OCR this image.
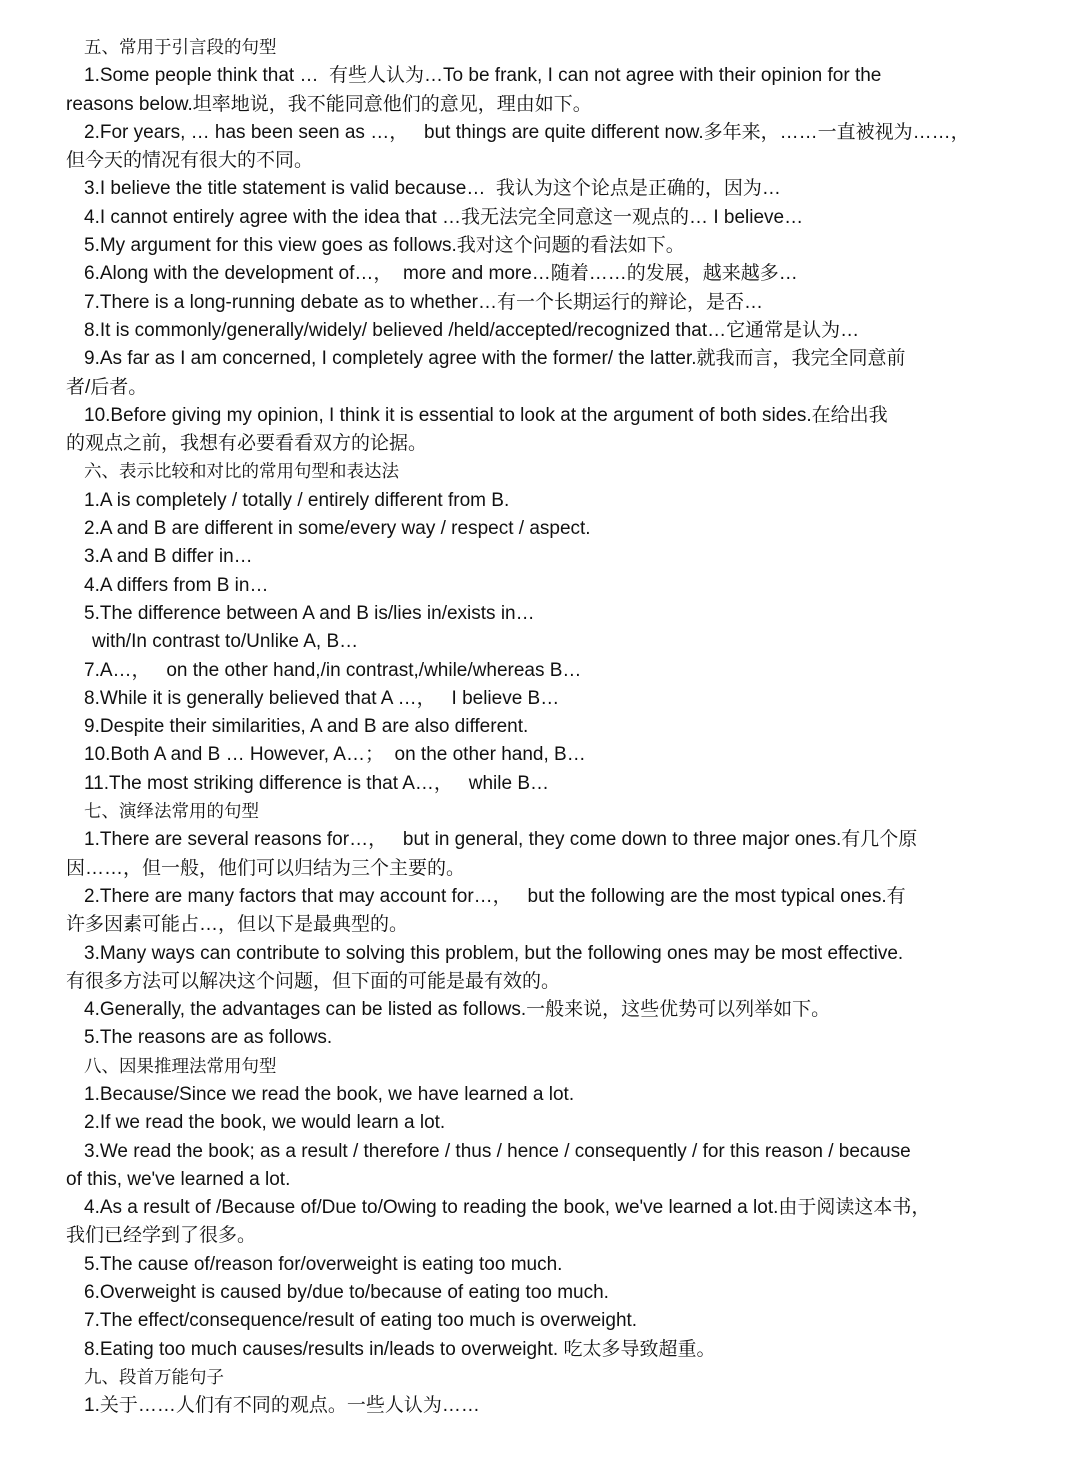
五、常用于引言段的句型
1.Some people think that …  有些人认为…To be frank, I can not agree with their opinion for the
reasons below.坦率地说，我不能同意他们的意见，理由如下。
2.For years, … has been seen as …，   but things are quite different now.多年来，……一直被视为……，
但今天的情况有很大的不同。
3.I believe the title statement is valid because…  我认为这个论点是正确的，因为…
4.I cannot entirely agree with the idea that …我无法完全同意这一观点的… I believe…
5.My argument for this view goes as follows.我对这个问题的看法如下。
6.Along with the development of…，  more and more…随着……的发展，越来越多…
7.There is a long-running debate as to whether…有一个长期运行的辩论，是否…
8.It is commonly/generally/widely/ believed /held/accepted/recognized that…它通常是认为…
9.As far as I am concerned, I completely agree with the former/ the latter.就我而言，我完全同意前
者/后者。
10.Before giving my opinion, I think it is essential to look at the argument of both sides.在给出我
的观点之前，我想有必要看看双方的论据。
六、表示比较和对比的常用句型和表达法
1.A is completely / totally / entirely different from B.
2.A and B are different in some/every way / respect / aspect.
3.A and B differ in…
4.A differs from B in…
5.The difference between A and B is/lies in/exists in…
with/In contrast to/Unlike A, B…
7.A…，   on the other hand,/in contrast,/while/whereas B…
8.While it is generally believed that A …，   I believe B…
9.Despite their similarities, A and B are also different.
10.Both A and B … However, A…；  on the other hand, B…
11.The most striking difference is that A…，   while B…
七、演绎法常用的句型
1.There are several reasons for…，   but in general, they come down to three major ones.有几个原
因……，但一般，他们可以归结为三个主要的。
2.There are many factors that may account for…，   but the following are the most typical ones.有
许多因素可能占…，但以下是最典型的。
3.Many ways can contribute to solving this problem, but the following ones may be most effective.
有很多方法可以解决这个问题，但下面的可能是最有效的。
4.Generally, the advantages can be listed as follows.一般来说，这些优势可以列举如下。
5.The reasons are as follows.
八、因果推理法常用句型
1.Because/Since we read the book, we have learned a lot.
2.If we read the book, we would learn a lot.
3.We read the book; as a result / therefore / thus / hence / consequently / for this reason / because
of this, we've learned a lot.
4.As a result of /Because of/Due to/Owing to reading the book, we've learned a lot.由于阅读这本书，
我们已经学到了很多。
5.The cause of/reason for/overweight is eating too much.
6.Overweight is caused by/due to/because of eating too much.
7.The effect/consequence/result of eating too much is overweight.
8.Eating too much causes/results in/leads to overweight. 吃太多导致超重。
九、段首万能句子
1.关于……人们有不同的观点。一些人认为……
